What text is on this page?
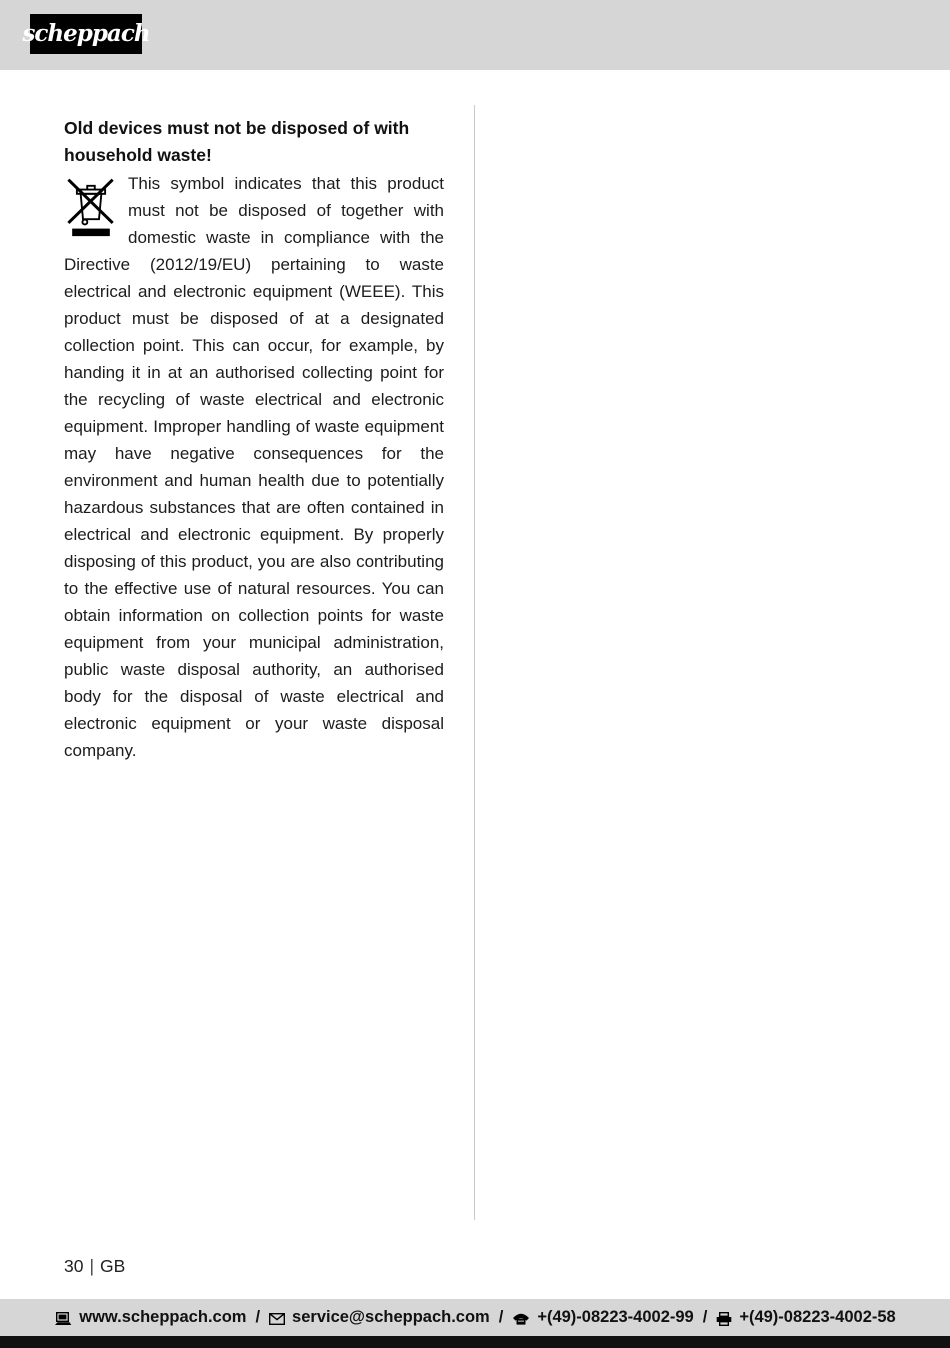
scheppach
Old devices must not be disposed of with household waste!
This symbol indicates that this product must not be disposed of together with domestic waste in compliance with the Directive (2012/19/EU) pertaining to waste electrical and electronic equipment (WEEE). This product must be disposed of at a designated collection point. This can occur, for example, by handing it in at an authorised collecting point for the recycling of waste electrical and electronic equipment. Improper handling of waste equipment may have negative consequences for the environment and human health due to potentially hazardous substances that are often contained in electrical and electronic equipment. By properly disposing of this product, you are also contributing to the effective use of natural resources. You can obtain information on collection points for waste equipment from your municipal administration, public waste disposal authority, an authorised body for the disposal of waste electrical and electronic equipment or your waste disposal company.
30 | GB
www.scheppach.com / service@scheppach.com / +(49)-08223-4002-99 / +(49)-08223-4002-58
